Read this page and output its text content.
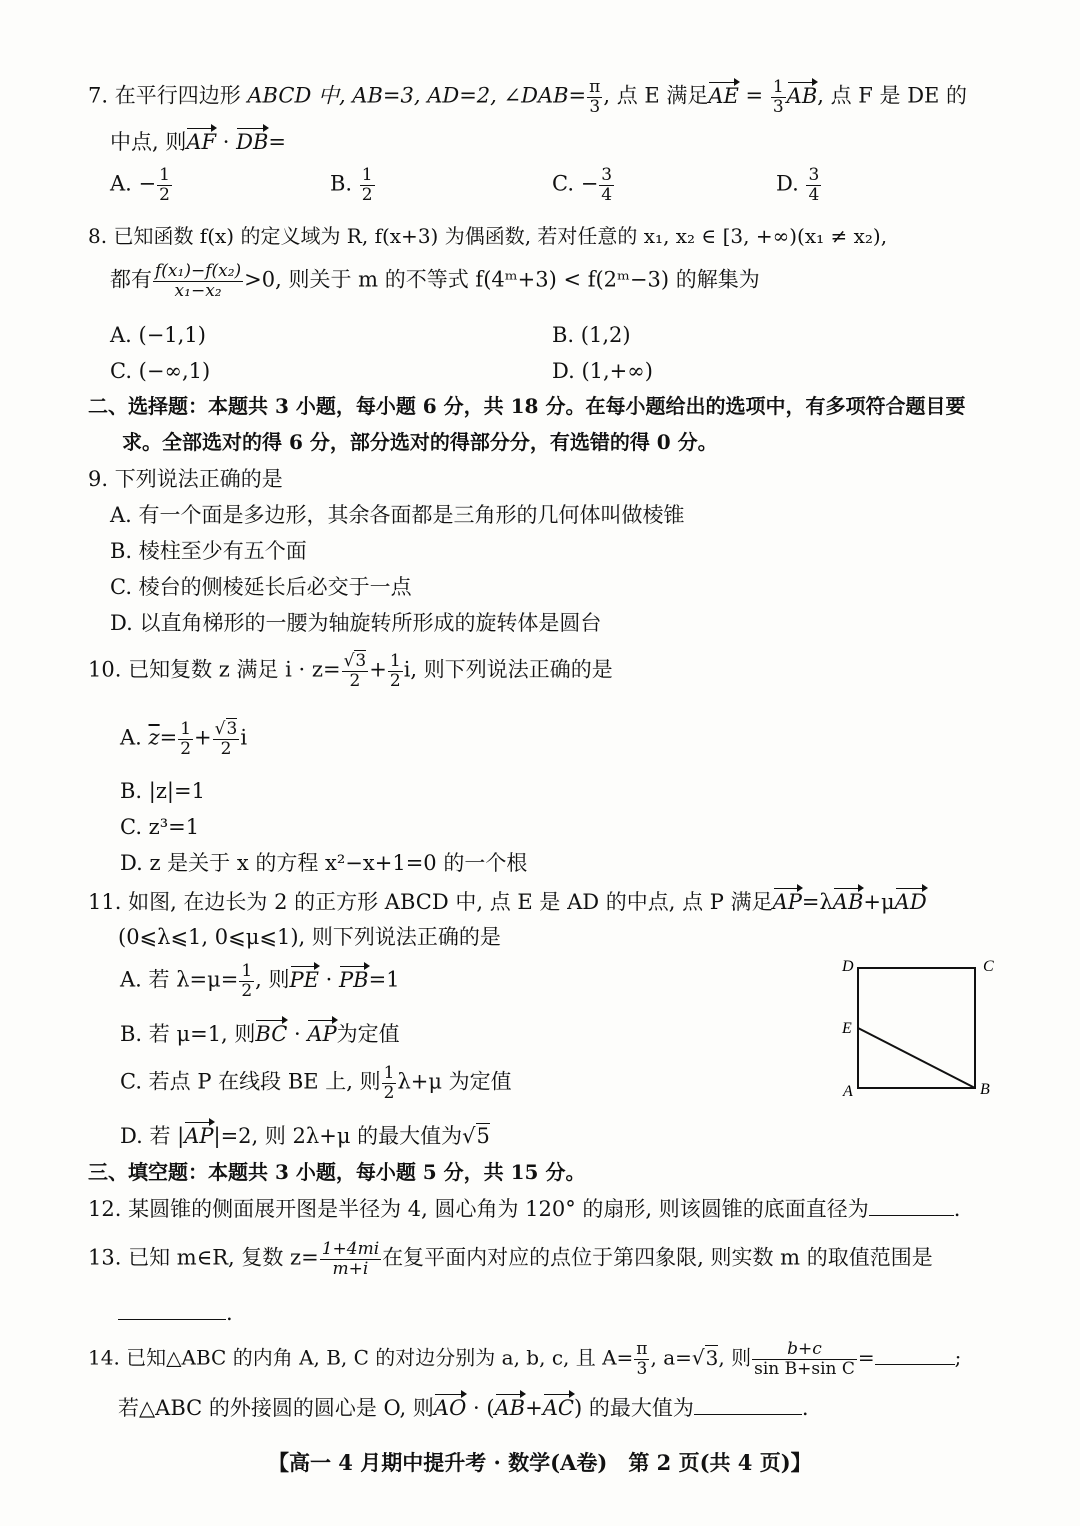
7. 在平行四边形 ABCD 中, AB=3, AD=2, ∠DAB= $\frac{\pi}{3}$ , 点 E 满足AE = $\frac{1}{3}$ AB, 点 F 是 DE 的
中点, 则AF · DB=
A. − $\frac{1}{2}$	B. $\frac{1}{2}$	C. − $\frac{3}{4}$	D. $\frac{3}{4}$
8. 已知函数 f(x) 的定义域为 R, f(x+3) 为偶函数, 若对任意的 x₁, x₂ ∈ [3, +∞)(x₁ ≠ x₂),
都有 $\frac{\text{f(x₁)−f(x₂)}}{\text{x₁−x₂}} >0$, 则关于 m 的不等式 f(4ᵐ+3) < f(2ᵐ−3) 的解集为
A. (−1,1)	B. (1,2)
C. (−∞,1)	D. (1,+∞)
二、选择题：本题共 3 小题，每小题 6 分，共 18 分。在每小题给出的选项中，有多项符合题目要
求。全部选对的得 6 分，部分选对的得部分分，有选错的得 0 分。
9. 下列说法正确的是
A. 有一个面是多边形，其余各面都是三角形的几何体叫做棱锥
B. 棱柱至少有五个面
C. 棱台的侧棱延长后必交于一点
D. 以直角梯形的一腰为轴旋转所形成的旋转体是圆台
10. 已知复数 z 满足 $i \cdot z= \frac{√3}{2} + \frac{1}{2} i$, 则下列说法正确的是
A. $\overline{z}= \frac{1}{2} + \frac{√3}{2}$ i
B. |z|=1
C. z³=1
D. z 是关于 x 的方程 x²−x+1=0 的一个根
11. 如图, 在边长为 2 的正方形 ABCD 中, 点 E 是 AD 的中点, 点 P 满足AP=λAB+μAD
(0⩽λ⩽1, 0⩽μ⩽1), 则下列说法正确的是
A. 若 $\lambda=\mu= \frac{1}{2}$ , 则PE · PB=1
B. 若 μ=1, 则BC · AP为定值
C. 若点 P 在线段 BE 上, 则 $\frac{1}{2} \lambda+\mu$ 为定值
D. 若 |AP|=2, 则 2λ+μ 的最大值为√5
D	C
E
A	B
三、填空题：本题共 3 小题，每小题 5 分，共 15 分。
12. 某圆锥的侧面展开图是半径为 4, 圆心角为 120° 的扇形, 则该圆锥的底面直径为	.
13. 已知 m∈R, 复数 $z= \frac{1+4mi}{m+i}$ 在复平面内对应的点位于第四象限, 则实数 m 的取值范围是
.
14. 已知△ABC 的内角 A, B, C 的对边分别为 a, b, c, 且 $A= \frac{\pi}{3}$ , a=√3, 则 $\frac{b+c}{\text{sin B+sin C}}$ =	;
若△ABC 的外接圆的圆心是 O, 则AO · (AB+AC) 的最大值为	.
【高一 4 月期中提升考 · 数学(A卷)　第 2 页(共 4 页)】
